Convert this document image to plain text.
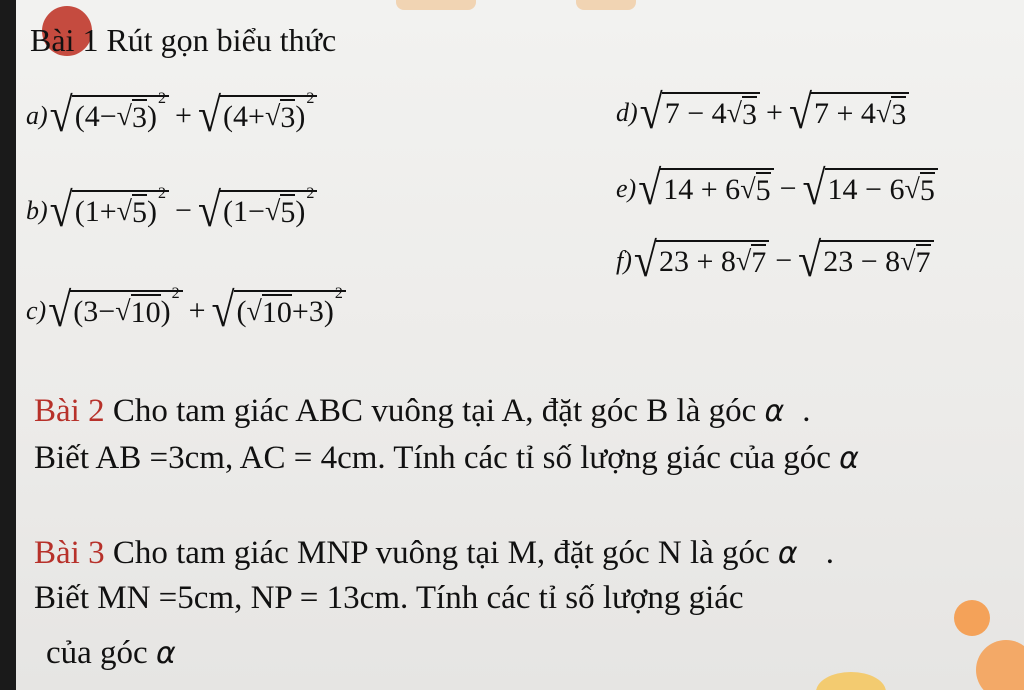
Bài 1 Rút gọn biểu thức
a) √ (4− √ 3 )
2
+ √ (4+ √ 3 )
2
b) √ (1+ √ 5 )
2
− √ (1− √ 5 )
2
c) √ (3− √ 10 )
2
+ √ ( √ 10 +3)
2
d) √ 7 − 4 √ 3 + √ 7 + 4 √ 3
e) √ 14 + 6 √ 5 − √ 14 − 6 √ 5
f) √ 23 + 8 √ 7 − √ 23 − 8 √ 7
Bài 2 Cho tam giác ABC vuông tại A, đặt góc B là góc α .
Biết AB =3cm, AC = 4cm. Tính các tỉ số lượng giác của góc α
Bài 3 Cho tam giác MNP vuông tại M, đặt góc N là góc α .
Biết MN =5cm, NP = 13cm. Tính các tỉ số lượng giác
của góc α
